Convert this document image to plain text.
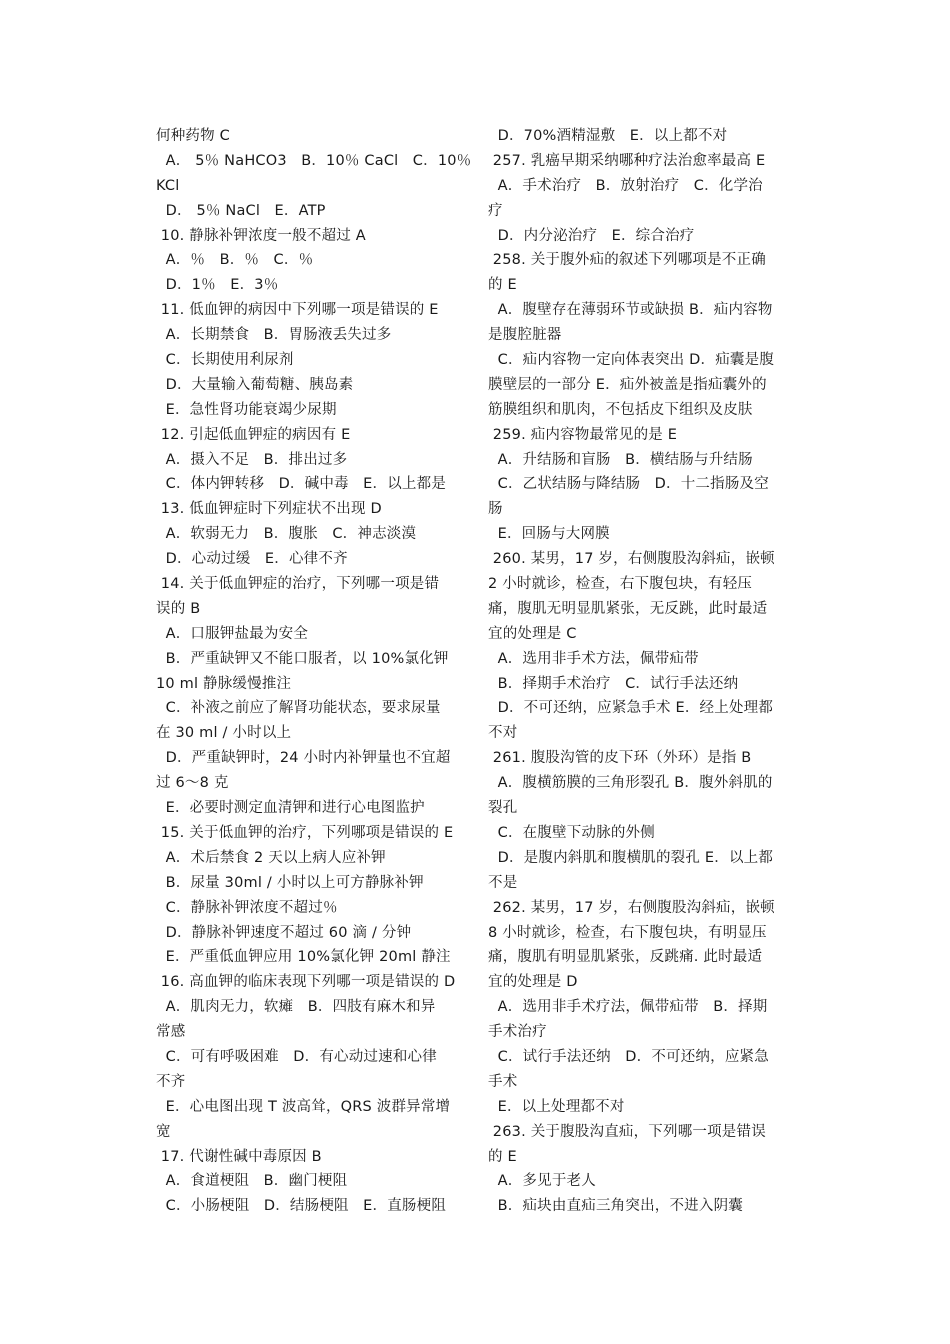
何种药物 C
A． 5％ NaHCO3   B．10％ CaCl   C．10％
KCl
D． 5％ NaCl   E．ATP
10. 静脉补钾浓度一般不超过 A
A．％   B．％   C．％
D．1％   E．3％
11. 低血钾的病因中下列哪一项是错误的 E
A．长期禁食   B．胃肠液丢失过多
C．长期使用利尿剂
D．大量输入葡萄糖、胰岛素
E．急性肾功能衰竭少尿期
12. 引起低血钾症的病因有 E
A．摄入不足   B．排出过多
C．体内钾转移   D．碱中毒   E．以上都是
13. 低血钾症时下列症状不出现 D
A．软弱无力   B．腹胀   C．神志淡漠
D．心动过缓   E．心律不齐
14. 关于低血钾症的治疗，下列哪一项是错
误的 B
A．口服钾盐最为安全
B．严重缺钾又不能口服者，以 10%氯化钾
10 ml 静脉缓慢推注
C．补液之前应了解肾功能状态，要求尿量
在 30 ml / 小时以上
D．严重缺钾时，24 小时内补钾量也不宜超
过 6～8 克
E．必要时测定血清钾和进行心电图监护
15. 关于低血钾的治疗，下列哪项是错误的 E
A．术后禁食 2 天以上病人应补钾
B．尿量 30ml / 小时以上可方静脉补钾
C．静脉补钾浓度不超过％
D．静脉补钾速度不超过 60 滴 / 分钟
E．严重低血钾应用 10%氯化钾 20ml 静注
16. 高血钾的临床表现下列哪一项是错误的 D
A．肌肉无力，软瘫   B．四肢有麻木和异
常感
C．可有呼吸困难   D．有心动过速和心律
不齐
E．心电图出现 T 波高耸，QRS 波群异常增
宽
17. 代谢性碱中毒原因 B
A．食道梗阻   B．幽门梗阻
C．小肠梗阻   D．结肠梗阻   E．直肠梗阻
D．70%酒精湿敷   E．以上都不对
257. 乳癌早期采纳哪种疗法治愈率最高 E
A．手术治疗   B．放射治疗   C．化学治
疗
D．内分泌治疗   E．综合治疗
258. 关于腹外疝的叙述下列哪项是不正确
的 E
A．腹壁存在薄弱环节或缺损 B．疝内容物
是腹腔脏器
C．疝内容物一定向体表突出 D．疝囊是腹
膜壁层的一部分 E．疝外被盖是指疝囊外的
筋膜组织和肌肉，不包括皮下组织及皮肤
259. 疝内容物最常见的是 E
A．升结肠和盲肠   B．横结肠与升结肠
C．乙状结肠与降结肠   D．十二指肠及空
肠
E．回肠与大网膜
260. 某男，17 岁，右侧腹股沟斜疝，嵌顿
2 小时就诊，检查，右下腹包块，有轻压
痛，腹肌无明显肌紧张，无反跳，此时最适
宜的处理是 C
A．选用非手术方法，佩带疝带
B．择期手术治疗   C．试行手法还纳
D．不可还纳，应紧急手术 E．经上处理都
不对
261. 腹股沟管的皮下环（外环）是指 B
A．腹横筋膜的三角形裂孔 B．腹外斜肌的
裂孔
C．在腹壁下动脉的外侧
D．是腹内斜肌和腹横肌的裂孔 E．以上都
不是
262. 某男，17 岁，右侧腹股沟斜疝，嵌顿
8 小时就诊，检查，右下腹包块，有明显压
痛，腹肌有明显肌紧张，反跳痛. 此时最适
宜的处理是 D
A．选用非手术疗法，佩带疝带   B．择期
手术治疗
C．试行手法还纳   D．不可还纳，应紧急
手术
E．以上处理都不对
263. 关于腹股沟直疝，下列哪一项是错误
的 E
A．多见于老人
B．疝块由直疝三角突出，不进入阴囊
